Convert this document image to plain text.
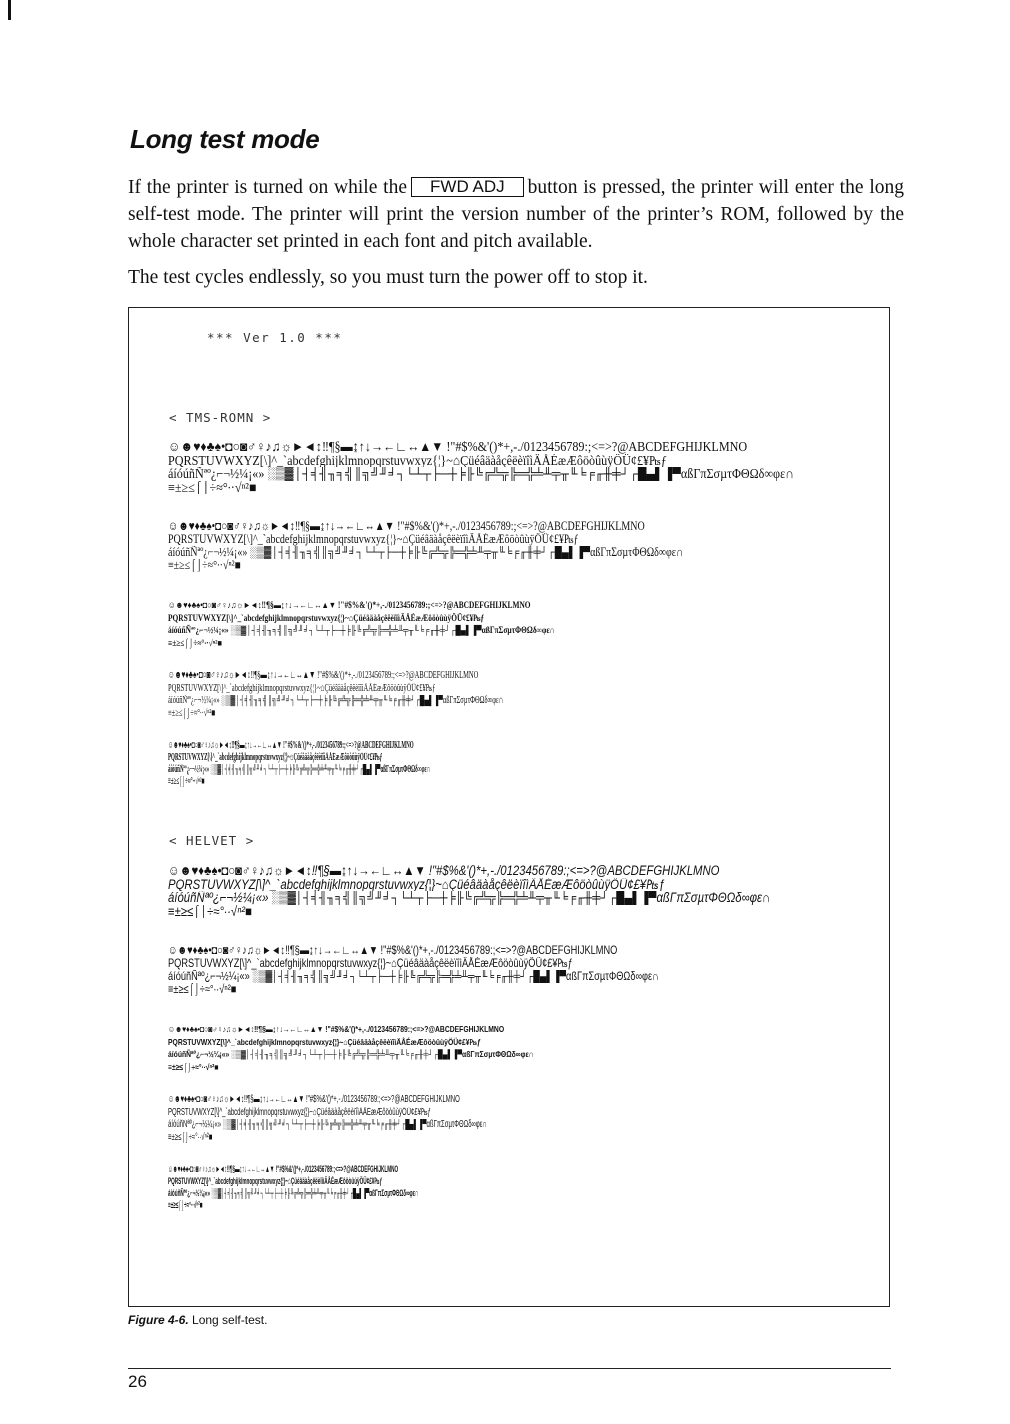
Long test mode

If the printer is turned on while the FWD ADJ button is pressed, the printer will enter the long self-test mode. The printer will print the version number of the printer’s ROM, followed by the whole character set printed in each font and pitch available.

The test cycles endlessly, so you must turn the power off to stop it.

*** Ver 1.0 ***
< TMS-ROMN >
☺☻♥♦♣♠•◘○◙♂♀♪♫☼►◄↕‼¶§▬↨↑↓→←∟↔▲▼ !"#$%&'()*+,-./0123456789:;<=>?@ABCDEFGHIJKLMNO
PQRSTUVWXYZ[\]^_`abcdefghijklmnopqrstuvwxyz{¦}~⌂ÇüéâäàåçêëèïîìÄÅÉæÆôöòûùÿÖÜ¢£¥₧ƒ
áíóúñÑªº¿⌐¬½¼¡«» ░▒▓│┤╡╢╖╕╣║╗╝╜╛┐└┴┬├─┼╞╟╚╔╩╦╠═╬╧╨╤╥╙╘╒╓╫╪┘┌█▄▌▐▀αßΓπΣσµτΦΘΩδ∞φε∩
≡±≥≤⌠⌡÷≈°∙·√ⁿ²■
☺☻♥♦♣♠•◘○◙♂♀♪♫☼►◄↕‼¶§▬↨↑↓→←∟↔▲▼ !"#$%&'()*+,-./0123456789:;<=>?@ABCDEFGHIJKLMNO
PQRSTUVWXYZ[\]^_`abcdefghijklmnopqrstuvwxyz{¦}~⌂ÇüéâäàåçêëèïîìÄÅÉæÆôöòûùÿÖÜ¢£¥₧ƒ
áíóúñÑªº¿⌐¬½¼¡«» ░▒▓│┤╡╢╖╕╣║╗╝╜╛┐└┴┬├─┼╞╟╚╔╩╦╠═╬╧╨╤╥╙╘╒╓╫╪┘┌█▄▌▐▀αßΓπΣσµτΦΘΩδ∞φε∩
≡±≥≤⌠⌡÷≈°∙·√ⁿ²■
☺☻♥♦♣♠•◘○◙♂♀♪♫☼►◄↕‼¶§▬↨↑↓→←∟↔▲▼ !"#$%&'()*+,-./0123456789:;<=>?@ABCDEFGHIJKLMNO
PQRSTUVWXYZ[\]^_`abcdefghijklmnopqrstuvwxyz{¦}~⌂ÇüéâäàåçêëèïîìÄÅÉæÆôöòûùÿÖÜ¢£¥₧ƒ
áíóúñÑªº¿⌐¬½¼¡«» ░▒▓│┤╡╢╖╕╣║╗╝╜╛┐└┴┬├─┼╞╟╚╔╩╦╠═╬╧╨╤╥╙╘╒╓╫╪┘┌█▄▌▐▀αßΓπΣσµτΦΘΩδ∞φε∩
≡±≥≤⌠⌡÷≈°∙·√ⁿ²■
☺☻♥♦♣♠•◘○◙♂♀♪♫☼►◄↕‼¶§▬↨↑↓→←∟↔▲▼ !"#$%&'()*+,-./0123456789:;<=>?@ABCDEFGHIJKLMNO
PQRSTUVWXYZ[\]^_`abcdefghijklmnopqrstuvwxyz{¦}~⌂ÇüéâäàåçêëèïîìÄÅÉæÆôöòûùÿÖÜ¢£¥₧ƒ
áíóúñÑªº¿⌐¬½¼¡«» ░▒▓│┤╡╢╖╕╣║╗╝╜╛┐└┴┬├─┼╞╟╚╔╩╦╠═╬╧╨╤╥╙╘╒╓╫╪┘┌█▄▌▐▀αßΓπΣσµτΦΘΩδ∞φε∩
≡±≥≤⌠⌡÷≈°∙·√ⁿ²■
☺☻♥♦♣♠•◘○◙♂♀♪♫☼►◄↕‼¶§▬↨↑↓→←∟↔▲▼ !"#$%&'()*+,-./0123456789:;<=>?@ABCDEFGHIJKLMNO
PQRSTUVWXYZ[\]^_`abcdefghijklmnopqrstuvwxyz{¦}~⌂ÇüéâäàåçêëèïîìÄÅÉæÆôöòûùÿÖÜ¢£¥₧ƒ
áíóúñÑªº¿⌐¬½¼¡«» ░▒▓│┤╡╢╖╕╣║╗╝╜╛┐└┴┬├─┼╞╟╚╔╩╦╠═╬╧╨╤╥╙╘╒╓╫╪┘┌█▄▌▐▀αßΓπΣσµτΦΘΩδ∞φε∩
≡±≥≤⌠⌡÷≈°∙·√ⁿ²■
< HELVET >
☺☻♥♦♣♠•◘○◙♂♀♪♫☼►◄↕‼¶§▬↨↑↓→←∟↔▲▼ !"#$%&'()*+,-./0123456789:;<=>?@ABCDEFGHIJKLMNO
PQRSTUVWXYZ[\]^_`abcdefghijklmnopqrstuvwxyz{¦}~⌂ÇüéâäàåçêëèïîìÄÅÉæÆôöòûùÿÖÜ¢£¥₧ƒ
áíóúñÑªº¿⌐¬½¼¡«» ░▒▓│┤╡╢╖╕╣║╗╝╜╛┐└┴┬├─┼╞╟╚╔╩╦╠═╬╧╨╤╥╙╘╒╓╫╪┘┌█▄▌▐▀αßΓπΣσµτΦΘΩδ∞φε∩
≡±≥≤⌠⌡÷≈°∙·√ⁿ²■
☺☻♥♦♣♠•◘○◙♂♀♪♫☼►◄↕‼¶§▬↨↑↓→←∟↔▲▼ !"#$%&'()*+,-./0123456789:;<=>?@ABCDEFGHIJKLMNO
PQRSTUVWXYZ[\]^_`abcdefghijklmnopqrstuvwxyz{¦}~⌂ÇüéâäàåçêëèïîìÄÅÉæÆôöòûùÿÖÜ¢£¥₧ƒ
áíóúñÑªº¿⌐¬½¼¡«» ░▒▓│┤╡╢╖╕╣║╗╝╜╛┐└┴┬├─┼╞╟╚╔╩╦╠═╬╧╨╤╥╙╘╒╓╫╪┘┌█▄▌▐▀αßΓπΣσµτΦΘΩδ∞φε∩
≡±≥≤⌠⌡÷≈°∙·√ⁿ²■
☺☻♥♦♣♠•◘○◙♂♀♪♫☼►◄↕‼¶§▬↨↑↓→←∟↔▲▼ !"#$%&'()*+,-./0123456789:;<=>?@ABCDEFGHIJKLMNO
PQRSTUVWXYZ[\]^_`abcdefghijklmnopqrstuvwxyz{¦}~⌂ÇüéâäàåçêëèïîìÄÅÉæÆôöòûùÿÖÜ¢£¥₧ƒ
áíóúñÑªº¿⌐¬½¼¡«» ░▒▓│┤╡╢╖╕╣║╗╝╜╛┐└┴┬├─┼╞╟╚╔╩╦╠═╬╧╨╤╥╙╘╒╓╫╪┘┌█▄▌▐▀αßΓπΣσµτΦΘΩδ∞φε∩
≡±≥≤⌠⌡÷≈°∙·√ⁿ²■
☺☻♥♦♣♠•◘○◙♂♀♪♫☼►◄↕‼¶§▬↨↑↓→←∟↔▲▼ !"#$%&'()*+,-./0123456789:;<=>?@ABCDEFGHIJKLMNO
PQRSTUVWXYZ[\]^_`abcdefghijklmnopqrstuvwxyz{¦}~⌂ÇüéâäàåçêëèïîìÄÅÉæÆôöòûùÿÖÜ¢£¥₧ƒ
áíóúñÑªº¿⌐¬½¼¡«» ░▒▓│┤╡╢╖╕╣║╗╝╜╛┐└┴┬├─┼╞╟╚╔╩╦╠═╬╧╨╤╥╙╘╒╓╫╪┘┌█▄▌▐▀αßΓπΣσµτΦΘΩδ∞φε∩
≡±≥≤⌠⌡÷≈°∙·√ⁿ²■
☺☻♥♦♣♠•◘○◙♂♀♪♫☼►◄↕‼¶§▬↨↑↓→←∟↔▲▼ !"#$%&'()*+,-./0123456789:;<=>?@ABCDEFGHIJKLMNO
PQRSTUVWXYZ[\]^_`abcdefghijklmnopqrstuvwxyz{¦}~⌂ÇüéâäàåçêëèïîìÄÅÉæÆôöòûùÿÖÜ¢£¥₧ƒ
áíóúñÑªº¿⌐¬½¼¡«» ░▒▓│┤╡╢╖╕╣║╗╝╜╛┐└┴┬├─┼╞╟╚╔╩╦╠═╬╧╨╤╥╙╘╒╓╫╪┘┌█▄▌▐▀αßΓπΣσµτΦΘΩδ∞φε∩
≡±≥≤⌠⌡÷≈°∙·√ⁿ²■
Figure 4-6. Long self-test.
26
